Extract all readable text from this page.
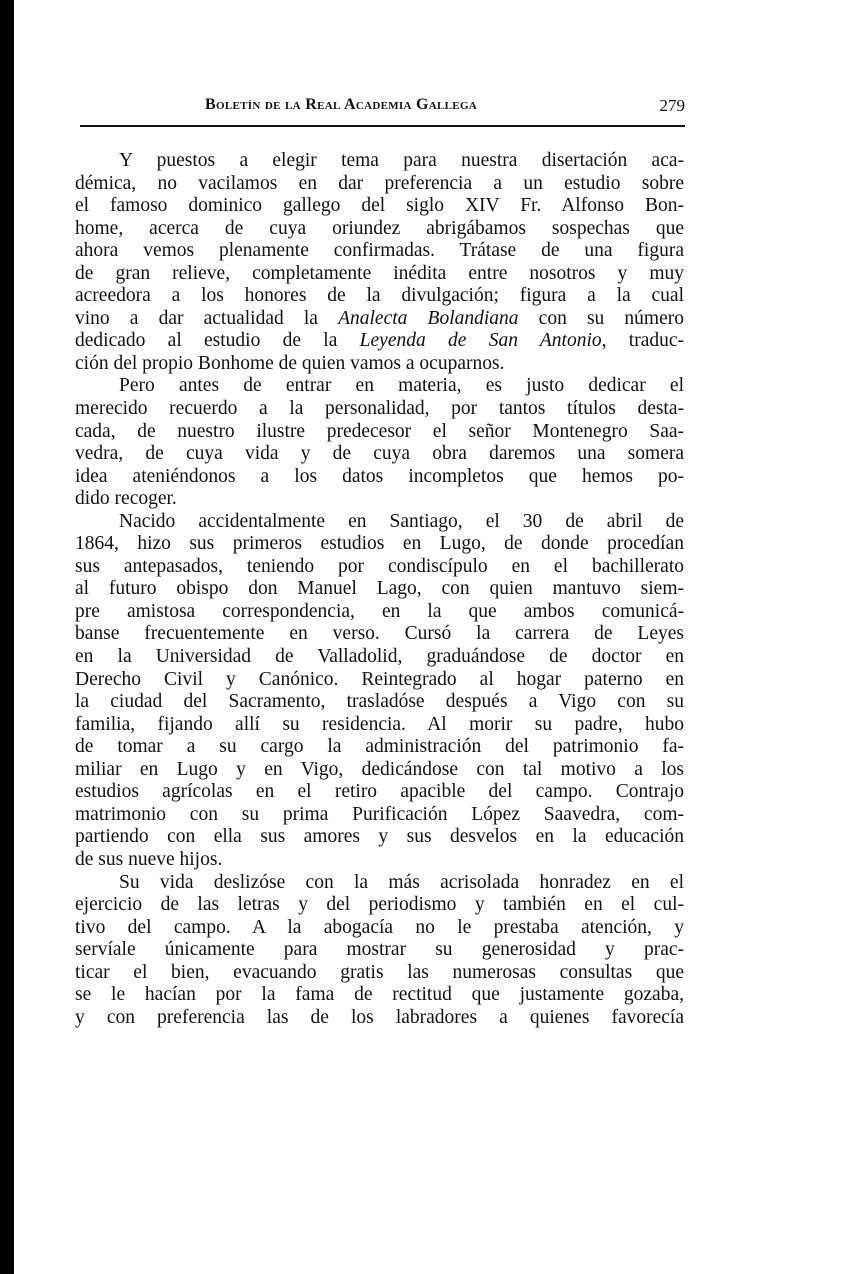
Boletín de la Real Academia Gallega	279
Y puestos a elegir tema para nuestra disertación aca-
démica, no vacilamos en dar preferencia a un estudio sobre
el famoso dominico gallego del siglo XIV Fr. Alfonso Bon-
home, acerca de cuya oriundez abrigábamos sospechas que
ahora vemos plenamente confirmadas. Trátase de una figura
de gran relieve, completamente inédita entre nosotros y muy
acreedora a los honores de la divulgación; figura a la cual
vino a dar actualidad la Analecta Bolandiana con su número
dedicado al estudio de la Leyenda de San Antonio, traduc-
ción del propio Bonhome de quien vamos a ocuparnos.
Pero antes de entrar en materia, es justo dedicar el
merecido recuerdo a la personalidad, por tantos títulos desta-
cada, de nuestro ilustre predecesor el señor Montenegro Saa-
vedra, de cuya vida y de cuya obra daremos una somera
idea ateniéndonos a los datos incompletos que hemos po-
dido recoger.
Nacido accidentalmente en Santiago, el 30 de abril de
1864, hizo sus primeros estudios en Lugo, de donde procedían
sus antepasados, teniendo por condiscípulo en el bachillerato
al futuro obispo don Manuel Lago, con quien mantuvo siem-
pre amistosa correspondencia, en la que ambos comunicá-
banse frecuentemente en verso. Cursó la carrera de Leyes
en la Universidad de Valladolid, graduándose de doctor en
Derecho Civil y Canónico. Reintegrado al hogar paterno en
la ciudad del Sacramento, trasladóse después a Vigo con su
familia, fijando allí su residencia. Al morir su padre, hubo
de tomar a su cargo la administración del patrimonio fa-
miliar en Lugo y en Vigo, dedicándose con tal motivo a los
estudios agrícolas en el retiro apacible del campo. Contrajo
matrimonio con su prima Purificación López Saavedra, com-
partiendo con ella sus amores y sus desvelos en la educación
de sus nueve hijos.
Su vida deslizóse con la más acrisolada honradez en el
ejercicio de las letras y del periodismo y también en el cul-
tivo del campo. A la abogacía no le prestaba atención, y
servíale únicamente para mostrar su generosidad y prac-
ticar el bien, evacuando gratis las numerosas consultas que
se le hacían por la fama de rectitud que justamente gozaba,
y con preferencia las de los labradores a quienes favorecía
